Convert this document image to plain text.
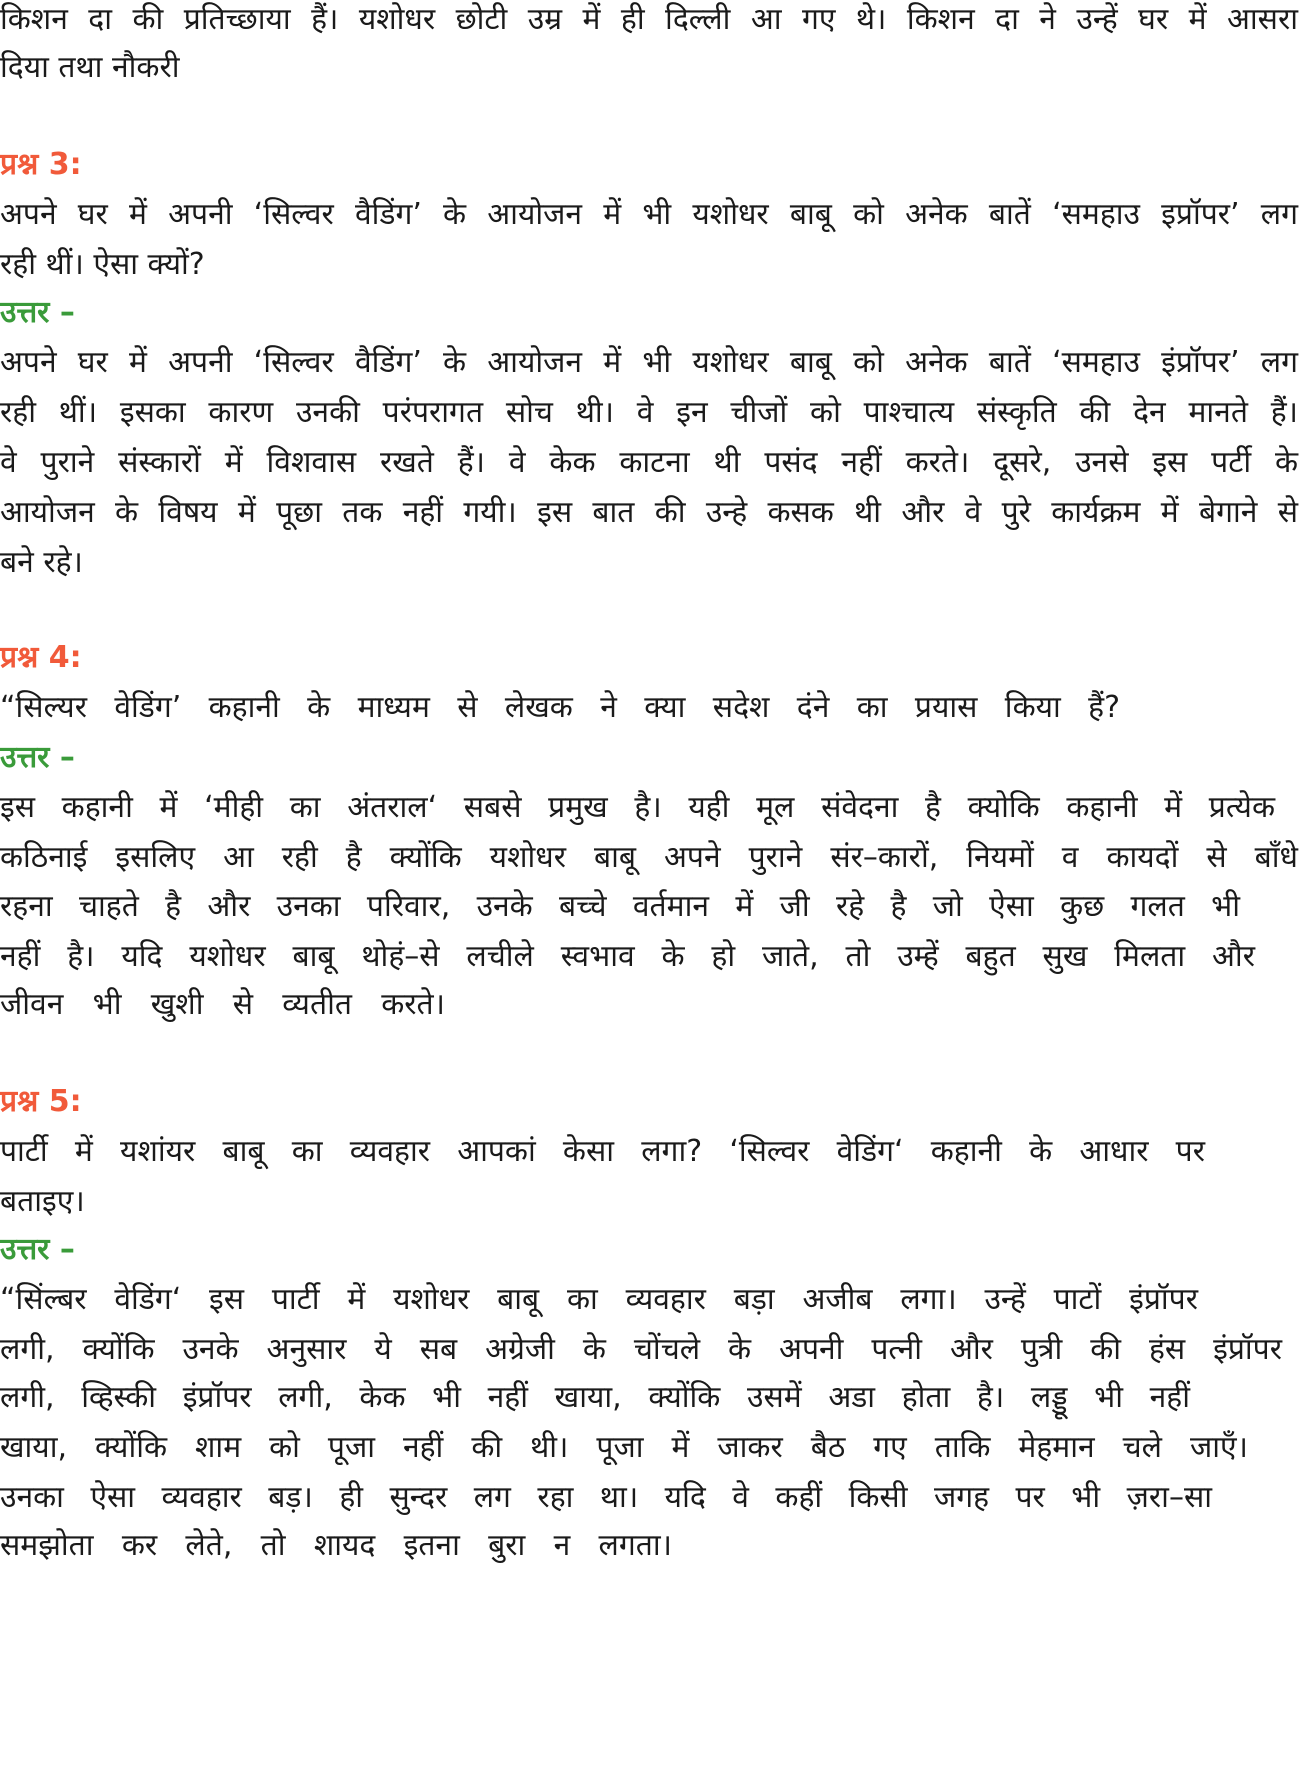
किशन दा की प्रतिच्छाया हैं। यशोधर छोटी उम्र में ही दिल्ली आ गए थे। किशन दा ने उन्हें घर में आसरा
दिया तथा नौकरी
प्रश्न 3:
अपने घर में अपनी ‘सिल्वर वैडिंग’ के आयोजन में भी यशोधर बाबू को अनेक बातें ‘समहाउ इप्रॉपर’ लग
रही थीं। ऐसा क्यों?
उत्तर –
अपने घर में अपनी ‘सिल्वर वैडिंग’ के आयोजन में भी यशोधर बाबू को अनेक बातें ‘समहाउ इंप्रॉपर’ लग
रही थीं। इसका कारण उनकी परंपरागत सोच थी। वे इन चीजों को पाश्चात्य संस्कृति की देन मानते हैं।
वे पुराने संस्कारों में विशवास रखते हैं। वे केक काटना थी पसंद नहीं करते। दूसरे, उनसे इस पर्टी के
आयोजन के विषय में पूछा तक नहीं गयी। इस बात की उन्हे कसक थी और वे पुरे कार्यक्रम में बेगाने से
बने रहे।
प्रश्न 4:
“सिल्यर वेडिंग’ कहानी के माध्यम से लेखक ने क्या सदेश दंने का प्रयास किया हैं?
उत्तर –
इस कहानी में ‘मीही का अंतराल‘ सबसे प्रमुख है। यही मूल संवेदना है क्योकि कहानी में प्रत्येक
कठिनाई इसलिए आ रही है क्योंकि यशोधर बाबू अपने पुराने संर–कारों, नियमों व कायदों से बाँधे
रहना चाहते है और उनका परिवार, उनके बच्चे वर्तमान में जी रहे है जो ऐसा कुछ गलत भी
नहीं है। यदि यशोधर बाबू थोहं–से लचीले स्वभाव के हो जाते, तो उम्हें बहुत सुख मिलता और
जीवन भी खुशी से व्यतीत करते।
प्रश्न 5:
पार्टी में यशांयर बाबू का व्यवहार आपकां केसा लगा? ‘सिल्वर वेडिंग‘ कहानी के आधार पर
बताइए।
उत्तर –
“सिंल्बर वेडिंग‘ इस पार्टी में यशोधर बाबू का व्यवहार बड़ा अजीब लगा। उन्हें पाटों इंप्रॉपर
लगी, क्योंकि उनके अनुसार ये सब अग्रेजी के चोंचले के अपनी पत्नी और पुत्री की हंस इंप्रॉपर
लगी, व्हिस्की इंप्रॉपर लगी, केक भी नहीं खाया, क्योंकि उसमें अडा होता है। लड्डू भी नहीं
खाया, क्योंकि शाम को पूजा नहीं की थी। पूजा में जाकर बैठ गए ताकि मेहमान चले जाएँ।
उनका ऐसा व्यवहार बड़। ही सुन्दर लग रहा था। यदि वे कहीं किसी जगह पर भी ज़रा–सा
समझोता कर लेते, तो शायद इतना बुरा न लगता।
